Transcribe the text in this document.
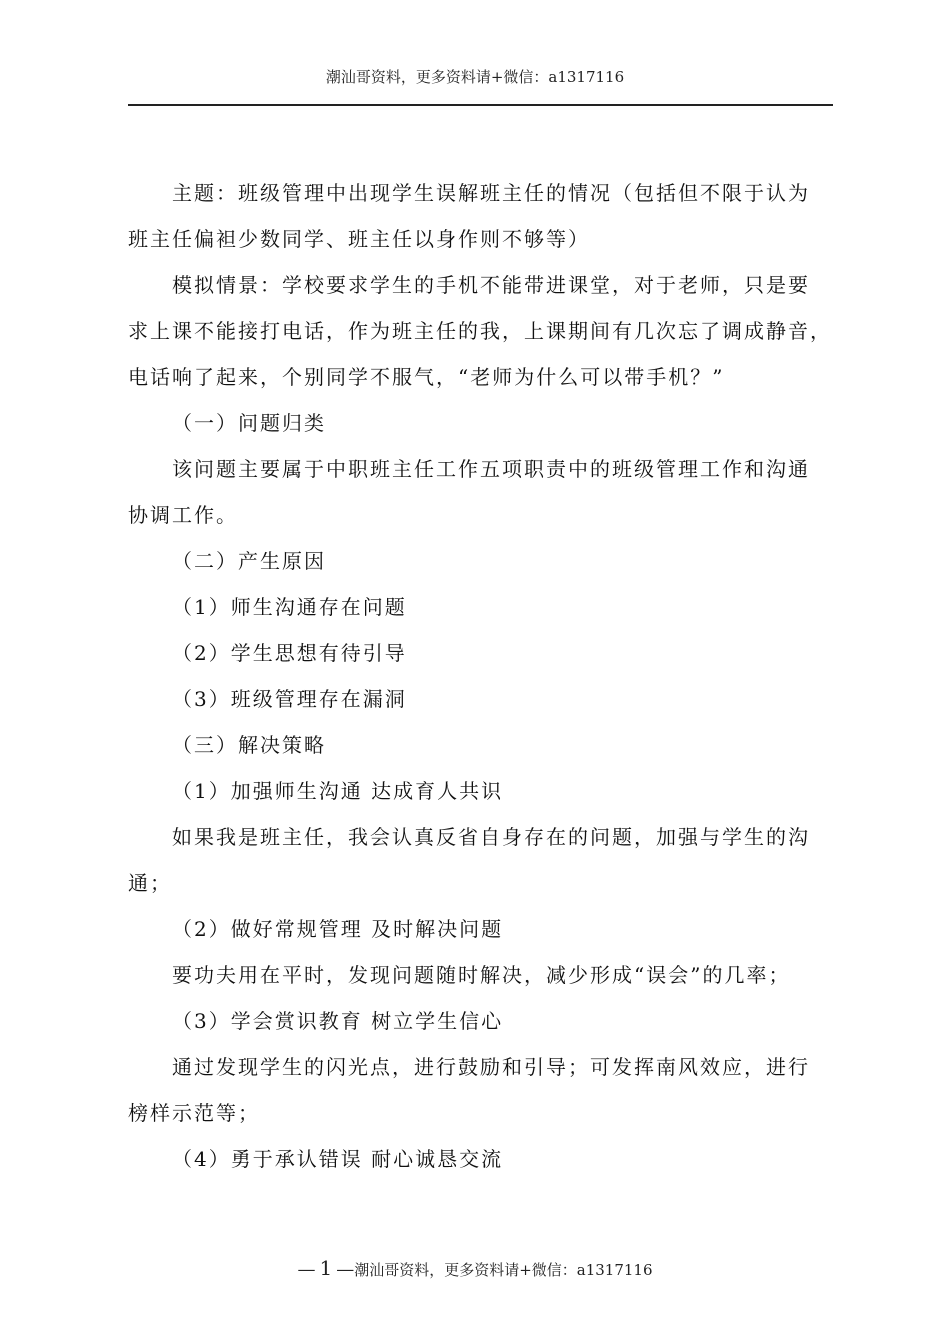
潮汕哥资料，更多资料请+微信：a1317116

主题：班级管理中出现学生误解班主任的情况（包括但不限于认为

班主任偏袒少数同学、班主任以身作则不够等）

模拟情景：学校要求学生的手机不能带进课堂，对于老师，只是要

求上课不能接打电话，作为班主任的我，上课期间有几次忘了调成静音，

电话响了起来，个别同学不服气，“老师为什么可以带手机？”

（一）问题归类

该问题主要属于中职班主任工作五项职责中的班级管理工作和沟通

协调工作。

（二）产生原因

（1）师生沟通存在问题

（2）学生思想有待引导

（3）班级管理存在漏洞

（三）解决策略

（1）加强师生沟通 达成育人共识

如果我是班主任，我会认真反省自身存在的问题，加强与学生的沟

通；

（2）做好常规管理 及时解决问题

要功夫用在平时，发现问题随时解决，减少形成“误会”的几率；

（3）学会赏识教育 树立学生信心

通过发现学生的闪光点，进行鼓励和引导；可发挥南风效应，进行

榜样示范等；

（4）勇于承认错误 耐心诚恳交流

— 1 —潮汕哥资料，更多资料请+微信：a1317116
